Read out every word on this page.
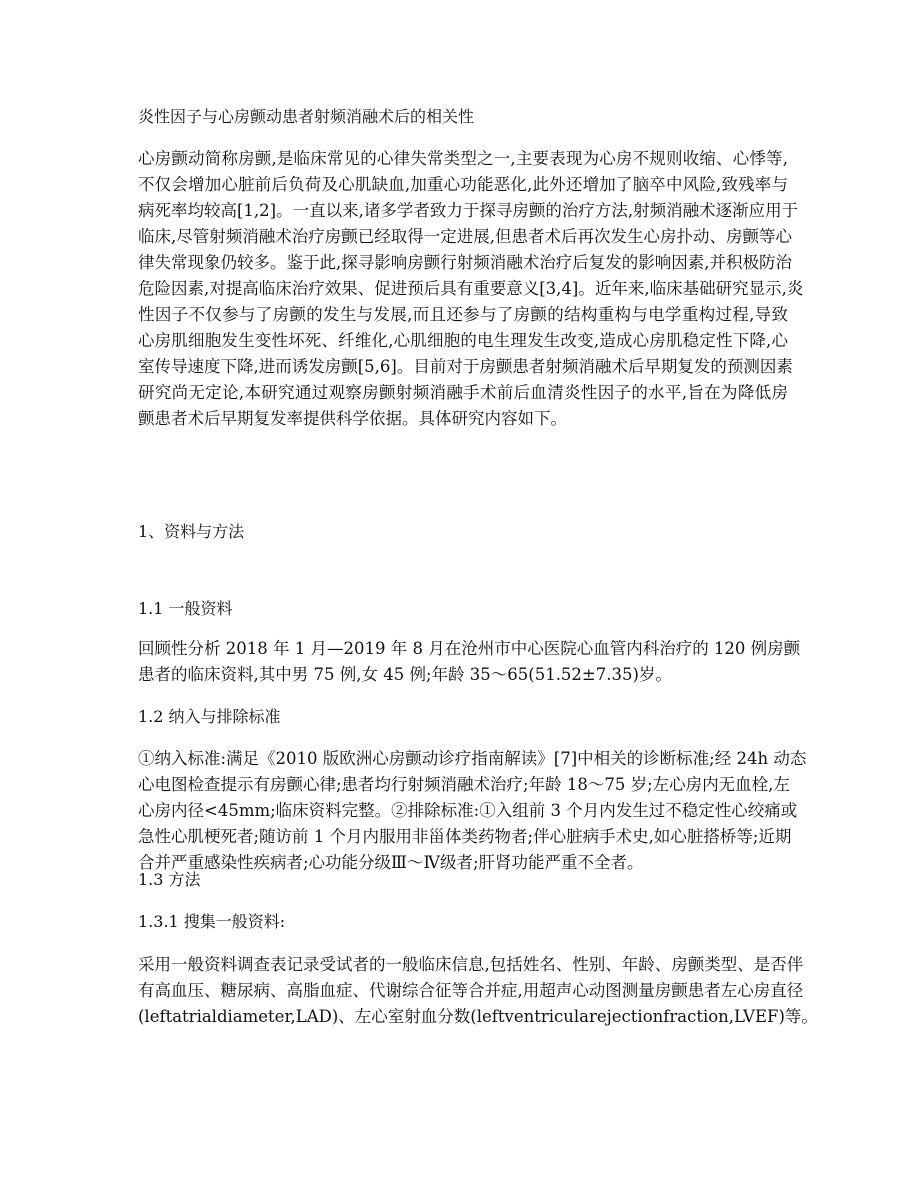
炎性因子与心房颤动患者射频消融术后的相关性
心房颤动简称房颤,是临床常见的心律失常类型之一,主要表现为心房不规则收缩、心悸等,
不仅会增加心脏前后负荷及心肌缺血,加重心功能恶化,此外还增加了脑卒中风险,致残率与
病死率均较高[1,2]。一直以来,诸多学者致力于探寻房颤的治疗方法,射频消融术逐渐应用于
临床,尽管射频消融术治疗房颤已经取得一定进展,但患者术后再次发生心房扑动、房颤等心
律失常现象仍较多。鉴于此,探寻影响房颤行射频消融术治疗后复发的影响因素,并积极防治
危险因素,对提高临床治疗效果、促进预后具有重要意义[3,4]。近年来,临床基础研究显示,炎
性因子不仅参与了房颤的发生与发展,而且还参与了房颤的结构重构与电学重构过程,导致
心房肌细胞发生变性坏死、纤维化,心肌细胞的电生理发生改变,造成心房肌稳定性下降,心
室传导速度下降,进而诱发房颤[5,6]。目前对于房颤患者射频消融术后早期复发的预测因素
研究尚无定论,本研究通过观察房颤射频消融手术前后血清炎性因子的水平,旨在为降低房
颤患者术后早期复发率提供科学依据。具体研究内容如下。
1、资料与方法
1.1 一般资料
回顾性分析 2018 年 1 月—2019 年 8 月在沧州市中心医院心血管内科治疗的 120 例房颤
患者的临床资料,其中男 75 例,女 45 例;年龄 35～65(51.52±7.35)岁。
1.2 纳入与排除标准
①纳入标准:满足《2010 版欧洲心房颤动诊疗指南解读》[7]中相关的诊断标准;经 24h 动态
心电图检查提示有房颤心律;患者均行射频消融术治疗;年龄 18～75 岁;左心房内无血栓,左
心房内径<45mm;临床资料完整。②排除标准:①入组前 3 个月内发生过不稳定性心绞痛或
急性心肌梗死者;随访前 1 个月内服用非甾体类药物者;伴心脏病手术史,如心脏搭桥等;近期
合并严重感染性疾病者;心功能分级Ⅲ～Ⅳ级者;肝肾功能严重不全者。
1.3 方法
1.3.1 搜集一般资料:
采用一般资料调查表记录受试者的一般临床信息,包括姓名、性别、年龄、房颤类型、是否伴
有高血压、糖尿病、高脂血症、代谢综合征等合并症,用超声心动图测量房颤患者左心房直径
(leftatrialdiameter,LAD)、左心室射血分数(leftventricularejectionfraction,LVEF)等。
